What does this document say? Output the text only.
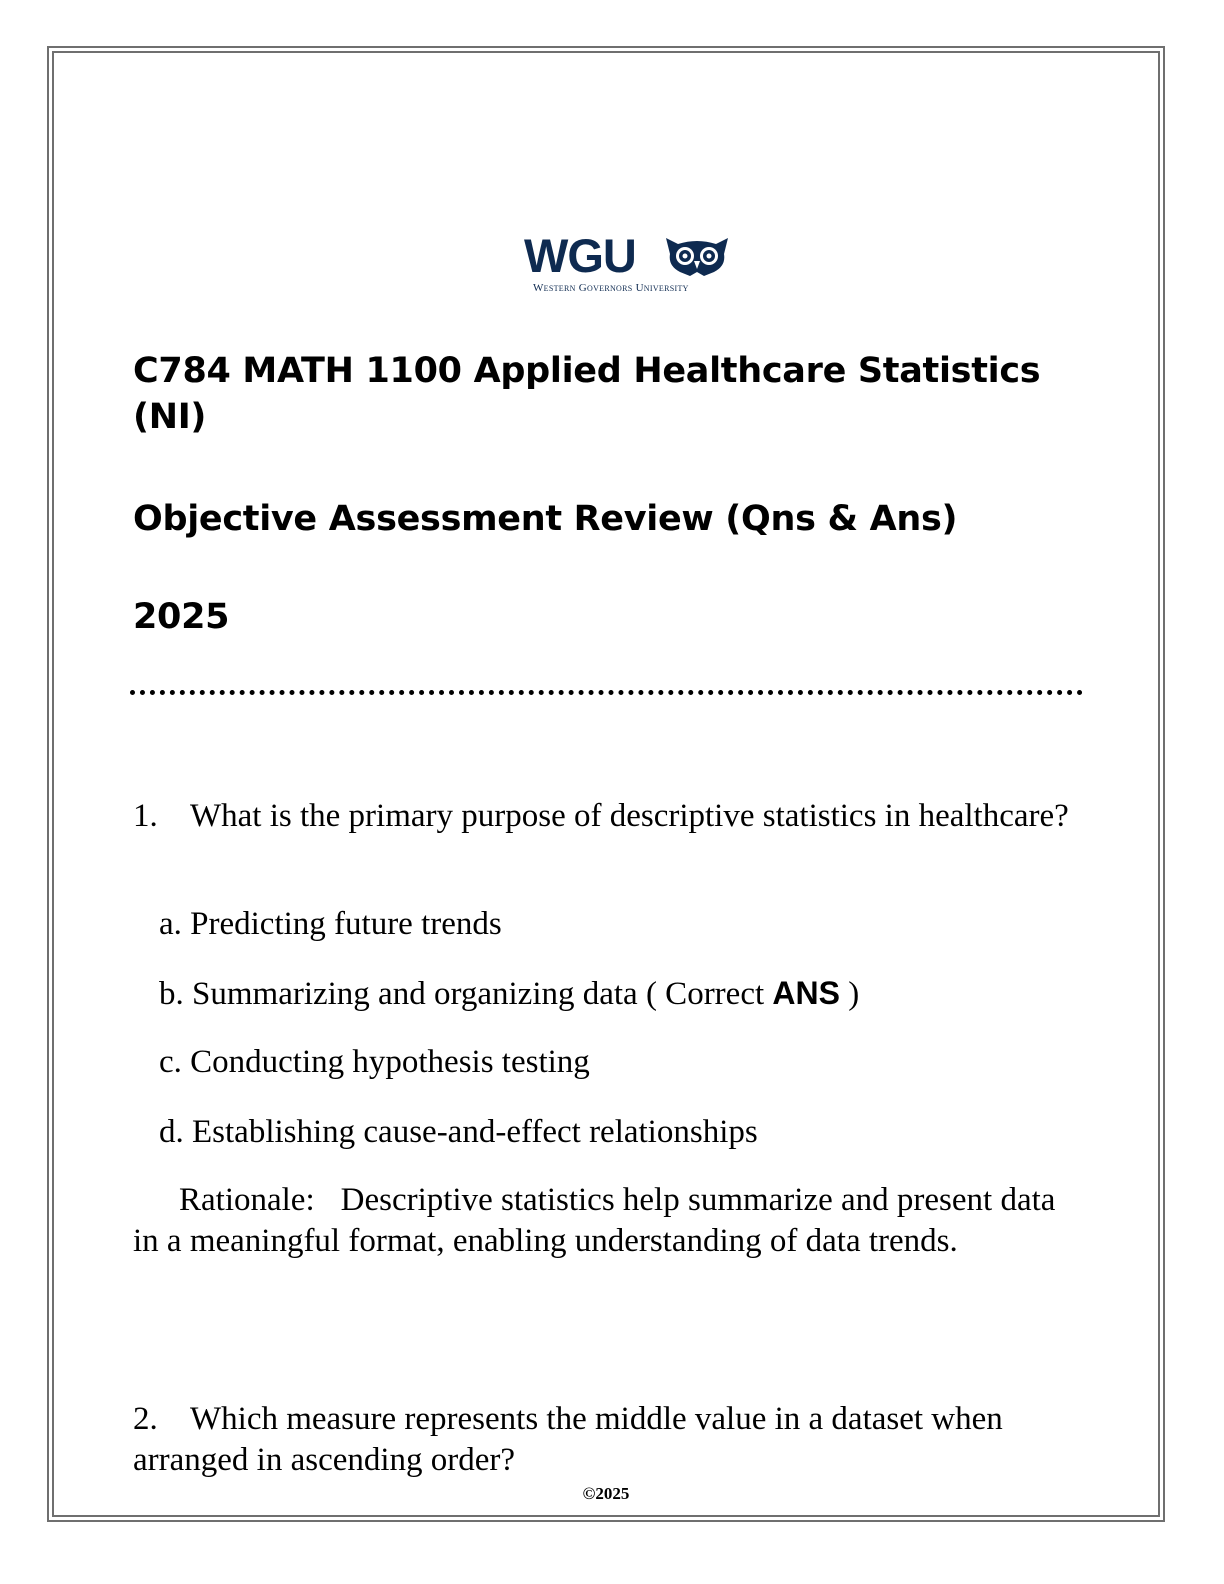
WGU
Western Governors University
C784 MATH 1100 Applied Healthcare Statistics (NI)
Objective Assessment Review (Qns & Ans)
2025

1. What is the primary purpose of descriptive statistics in healthcare?

a. Predicting future trends

b. Summarizing and organizing data ( Correct ANS )

c. Conducting hypothesis testing

d. Establishing cause-and-effect relationships

Rationale: Descriptive statistics help summarize and present data in a meaningful format, enabling understanding of data trends.

2. Which measure represents the middle value in a dataset when arranged in ascending order?

©2025
